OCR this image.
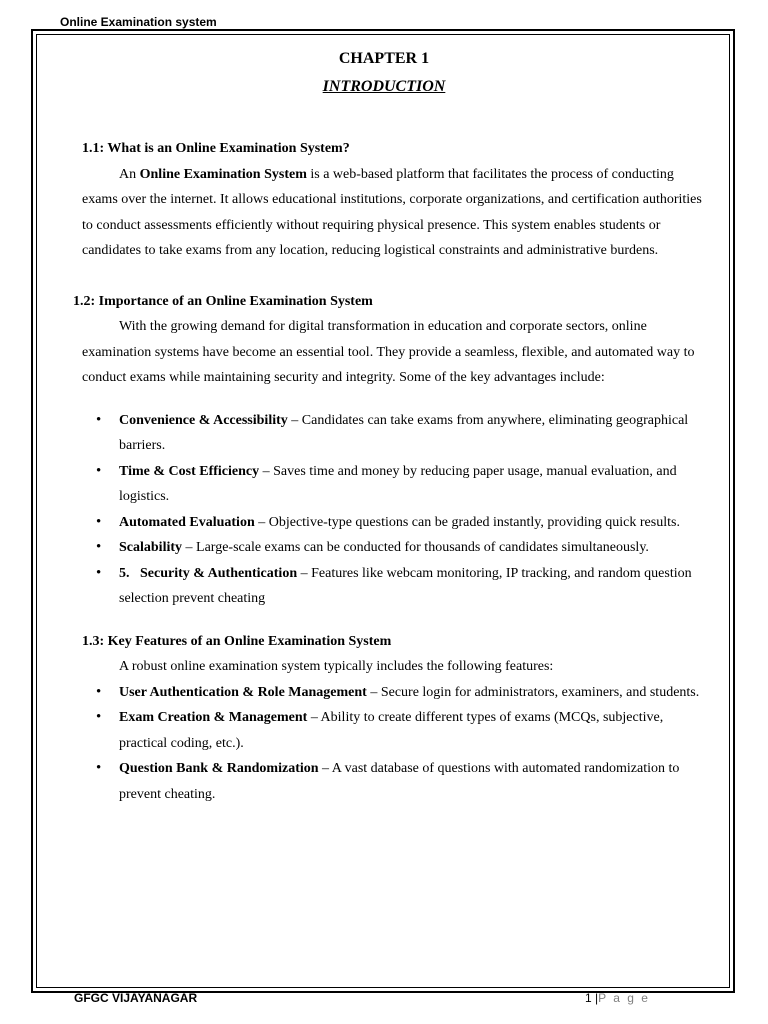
Online Examination system
CHAPTER 1
INTRODUCTION

1.1: What is an Online Examination System?

An Online Examination System is a web-based platform that facilitates the process of conducting exams over the internet. It allows educational institutions, corporate organizations, and certification authorities to conduct assessments efficiently without requiring physical presence. This system enables students or candidates to take exams from any location, reducing logistical constraints and administrative burdens.

1.2: Importance of an Online Examination System

With the growing demand for digital transformation in education and corporate sectors, online examination systems have become an essential tool. They provide a seamless, flexible, and automated way to conduct exams while maintaining security and integrity. Some of the key advantages include:

• Convenience & Accessibility – Candidates can take exams from anywhere, eliminating geographical barriers.
• Time & Cost Efficiency – Saves time and money by reducing paper usage, manual evaluation, and logistics.
• Automated Evaluation – Objective-type questions can be graded instantly, providing quick results.
• Scalability – Large-scale exams can be conducted for thousands of candidates simultaneously.
• 5.   Security & Authentication – Features like webcam monitoring, IP tracking, and random question selection prevent cheating

1.3: Key Features of an Online Examination System

A robust online examination system typically includes the following features:

• User Authentication & Role Management – Secure login for administrators, examiners, and students.
• Exam Creation & Management – Ability to create different types of exams (MCQs, subjective, practical coding, etc.).
• Question Bank & Randomization – A vast database of questions with automated randomization to prevent cheating.
GFGC VIJAYANAGAR	1 |P a g e
